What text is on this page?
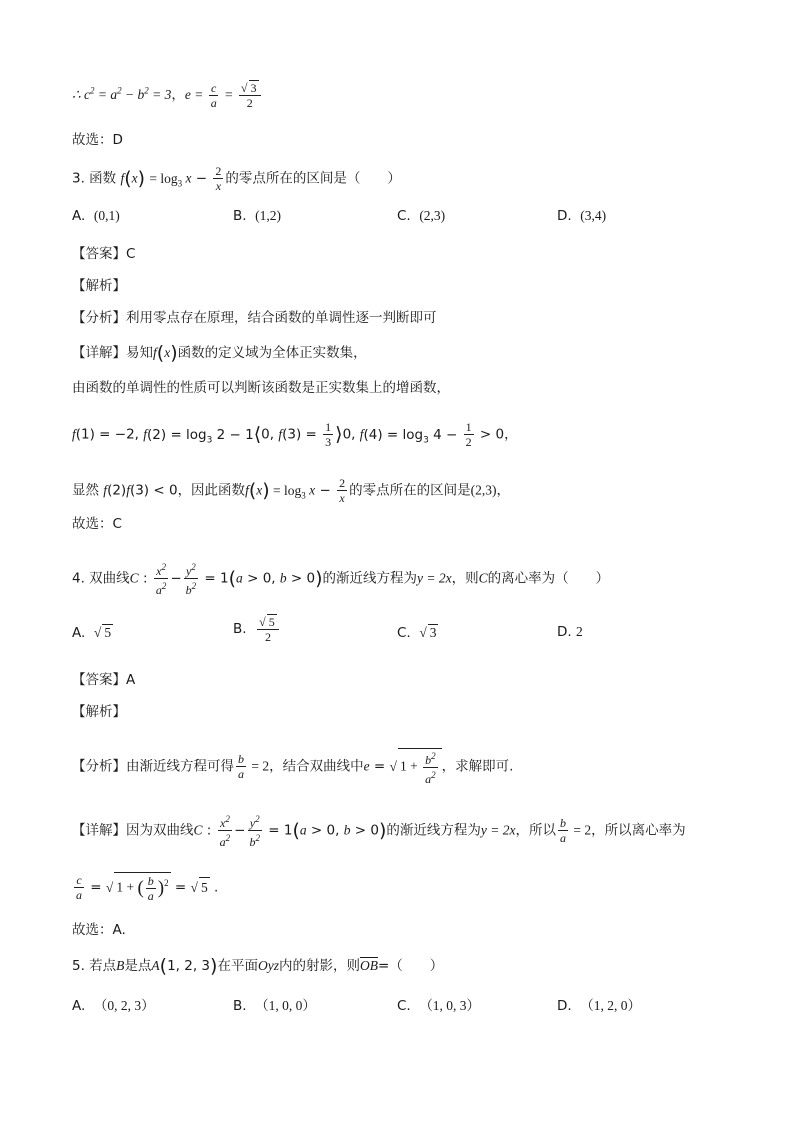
∴ $c^2 = a^2 - b^2 = 3$，$e = \frac{c}{a} = \frac{√ 3}{2}$
故选：D
3. 函数 $f(x) = \log_3 x - \frac{2}{x}$ 的零点所在的区间是（　　）
A. (0,1)	B. (1,2)	C. (2,3)	D. (3,4)
【答案】C
【解析】
【分析】利用零点存在原理，结合函数的单调性逐一判断即可
【详解】易知f(x)函数的定义域为全体正实数集，
由函数的单调性的性质可以判断该函数是正实数集上的增函数，
f(1) = −2, $f(2) = \log_3 2$ − 1⟨0, $f(3) = \frac{1}{3}$ ⟩0, $f(4) = \log_3 4 - \frac{1}{2} > 0$，
显然 f(2)f(3) < 0，因此函数$f(x) = \log_3 x - \frac{2}{x}$ 的零点所在的区间是(2,3)，
故选：C
4. 双曲线C : $\frac{x^2}{a^2} - \frac{y^2}{b^2} = 1(a > 0$, b > 0)的渐近线方程为y = 2x，则C的离心率为（　　）
A. √ 5	B. $\frac{√ 5}{2}$	C. √ 3	D. 2
【答案】A
【解析】
【分析】由渐近线方程可得 $\frac{b}{a} = 2$，结合双曲线中e = √ $1 + \frac{b^2}{a^2}$ ，求解即可.
【详解】因为双曲线C : $\frac{x^2}{a^2} - \frac{y^2}{b^2} = 1(a > 0$, b > 0)的渐近线方程为y = 2x，所以 $\frac{b}{a} = 2$，所以离心率为
$\frac{c}{a}$ = √ 1 + ( $\frac{b}{a} )^2$ = √ 5 .
故选：A.
5. 若点B是点A(1, 2, 3)在平面Oyz内的射影，则$\overline{OB}=$（　　）
A. （0, 2, 3）	B. （1, 0, 0）	C. （1, 0, 3）	D. （1, 2, 0）
